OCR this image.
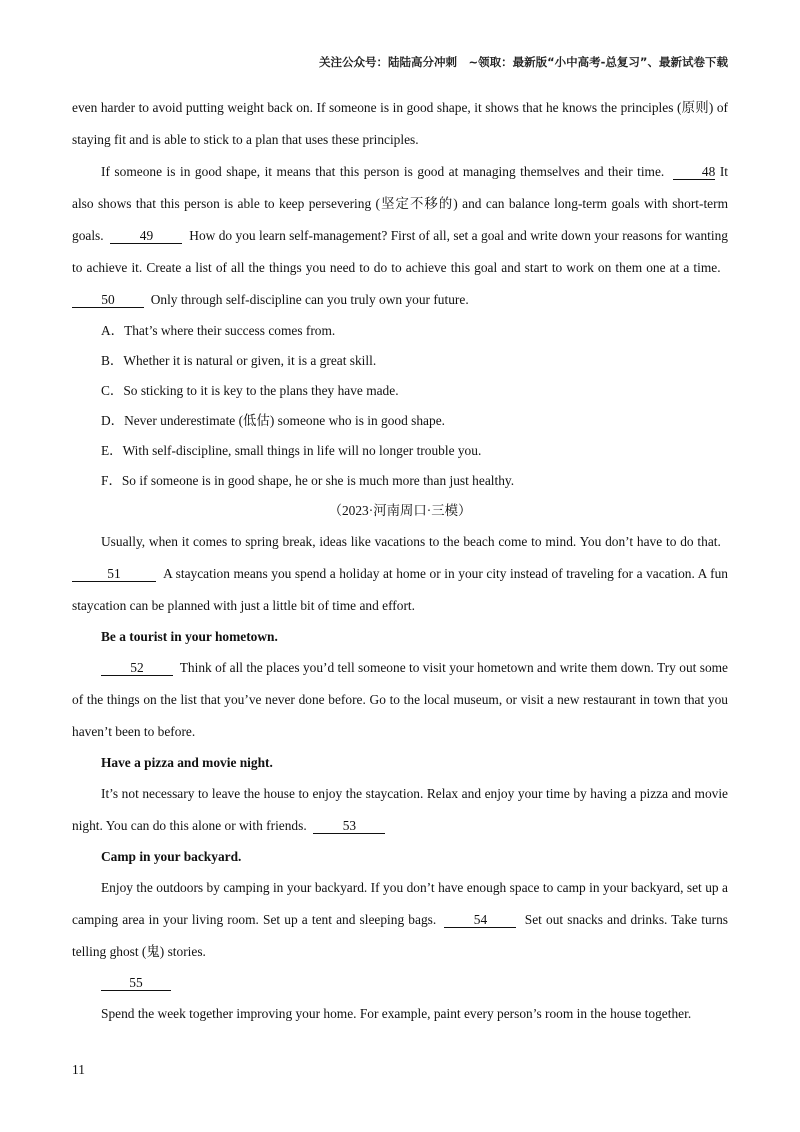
关注公众号：陆陆高分冲刺　~领取：最新版“小中高考-总复习”、最新试卷下载

even harder to avoid putting weight back on. If someone is in good shape, it shows that he knows the principles (原则) of staying fit and is able to stick to a plan that uses these principles.

If someone is in good shape, it means that this person is good at managing themselves and their time.	48 It also shows that this person is able to keep persevering (坚定不移的) and can balance long-term goals with short-term goals.	49	How do you learn self-management? First of all, set a goal and write down your reasons for wanting to achieve it. Create a list of all the things you need to do to achieve this goal and start to work on them one at a time.  50	Only through self-discipline can you truly own your future.

A．That’s where their success comes from.

B．Whether it is natural or given, it is a great skill.

C．So sticking to it is key to the plans they have made.

D．Never underestimate (低估) someone who is in good shape.

E．With self-discipline, small things in life will no longer trouble you.

F．So if someone is in good shape, he or she is much more than just healthy.

（2023·河南周口·三模）

Usually, when it comes to spring break, ideas like vacations to the beach come to mind. You don’t have to do that.  51	A staycation means you spend a holiday at home or in your city instead of traveling for a vacation. A fun staycation can be planned with just a little bit of time and effort.

Be a tourist in your hometown.

52	Think of all the places you’d tell someone to visit your hometown and write them down. Try out some of the things on the list that you’ve never done before. Go to the local museum, or visit a new restaurant in town that you haven’t been to before.

Have a pizza and movie night.

It’s not necessary to leave the house to enjoy the staycation. Relax and enjoy your time by having a pizza and movie night. You can do this alone or with friends.	53

Camp in your backyard.

Enjoy the outdoors by camping in your backyard. If you don’t have enough space to camp in your backyard, set up a camping area in your living room. Set up a tent and sleeping bags.	54	Set out snacks and drinks. Take turns telling ghost (鬼) stories.

55

Spend the week together improving your home. For example, paint every person’s room in the house together.

11
